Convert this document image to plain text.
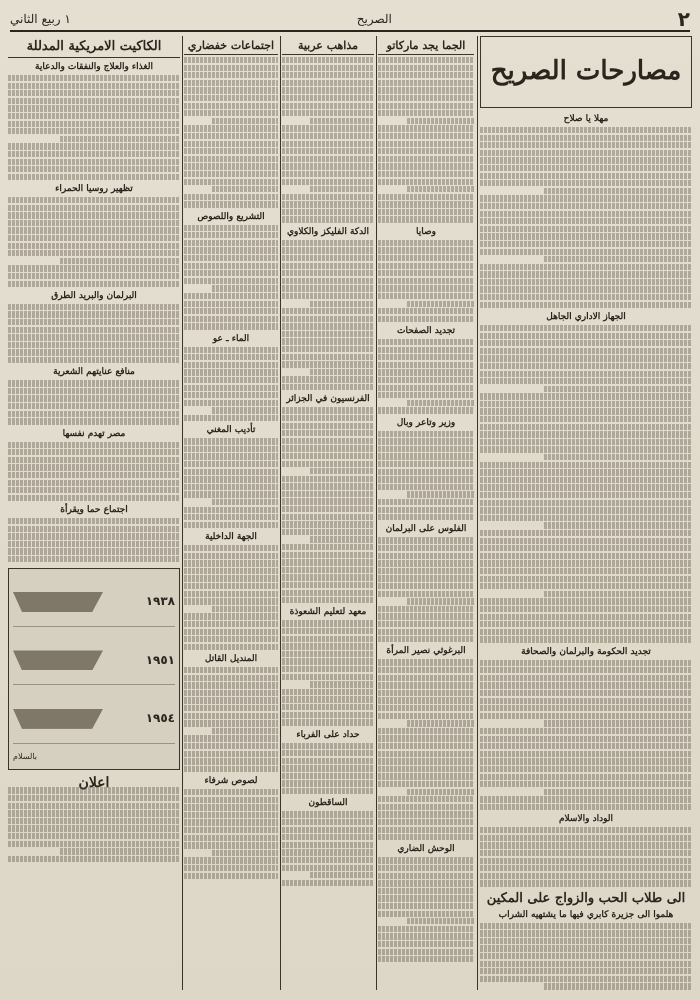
٢
الصريح
١ ربيع الثاني
مصارحات الصريح
مهلا يا صلاح
الجهاز الاداري الجاهل
تجديد الحكومة والبرلمان والصحافة
الوداد والاسلام
الى طلاب الحب والزواج على المكين
هلموا الى جزيرة كابري فيها ما يشتهيه الشراب
الجما يجد ماركاتو
وصايا
تجديد الصفحات
وزير وتاعر وبال
الفلوس على البرلمان
البرغوثي نصير المرأة
الوحش الضاري
مذاهب عربية
الدكة الفليكز والكلاوي
الفرنسيون في الجزائر
معهد لتعليم الشعوذة
حداد على الفرباء
الساقطون
اجتماعات خفضاري
التشريع واللصوص
الماء ـ عو
تأديب المغني
الجهة الداخلية
المنديل القاتل
لصوص شرفاء
الكاكيت الامريكية المدللة
الغذاء والعلاج والنفقات والدعاية
تظهير روسيا الحمراء
البرلمان والبريد الطرق
منافع عنايتهم الشعرية
مصر تهدم نفسها
اجتماع حما ويقرأة
١٩٣٨
١٩٥١
١٩٥٤
بالسلام
اعلان
